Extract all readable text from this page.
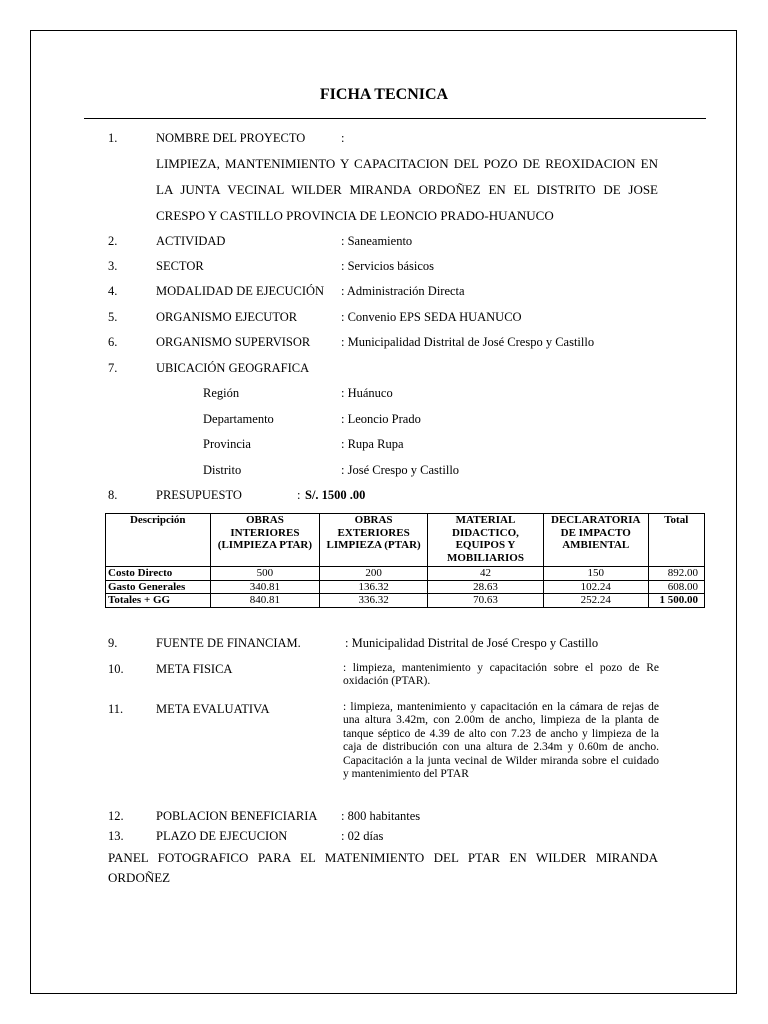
FICHA TECNICA
1.	NOMBRE DEL PROYECTO	:
LIMPIEZA, MANTENIMIENTO Y CAPACITACION DEL POZO DE REOXIDACION EN
LA JUNTA VECINAL WILDER MIRANDA ORDOÑEZ EN EL DISTRITO DE JOSE
CRESPO Y CASTILLO PROVINCIA DE LEONCIO PRADO-HUANUCO
2.	ACTIVIDAD	: Saneamiento
3.	SECTOR	: Servicios básicos
4.	MODALIDAD DE EJECUCIÓN : Administración Directa
5.	ORGANISMO EJECUTOR	: Convenio EPS SEDA HUANUCO
6.	ORGANISMO SUPERVISOR : Municipalidad Distrital de José Crespo y Castillo
7.	UBICACIÓN GEOGRAFICA
Región	: Huánuco
Departamento	: Leoncio Prado
Provincia	: Rupa Rupa
Distrito	: José Crespo y Castillo
8.	PRESUPUESTO	: S/. 1500 .00
Descripción	OBRAS INTERIORES (LIMPIEZA PTAR)	OBRAS EXTERIORES LIMPIEZA (PTAR)	MATERIAL DIDACTICO, EQUIPOS Y MOBILIARIOS	DECLARATORIA DE IMPACTO AMBIENTAL	Total
Costo Directo	500	200	42	150	892.00
Gasto Generales	340.81	136.32	28.63	102.24	608.00
Totales + GG	840.81	336.32	70.63	252.24	1 500.00
9.	FUENTE DE FINANCIAM.	: Municipalidad Distrital de José Crespo y Castillo
10.	META FISICA	: limpieza, mantenimiento y capacitación sobre el pozo de Re oxidación (PTAR).
11.	META EVALUATIVA	: limpieza, mantenimiento y capacitación en la cámara de rejas de una altura 3.42m, con 2.00m de ancho, limpieza de la planta de tanque séptico de 4.39 de alto con 7.23 de ancho y limpieza de la caja de distribución con una altura de 2.34m y 0.60m de ancho. Capacitación a la junta vecinal de Wilder miranda sobre el cuidado y mantenimiento del PTAR
12.	POBLACION BENEFICIARIA : 800 habitantes
13.	PLAZO DE EJECUCION	: 02 días
PANEL FOTOGRAFICO PARA EL MATENIMIENTO DEL PTAR EN WILDER MIRANDA
ORDOÑEZ
